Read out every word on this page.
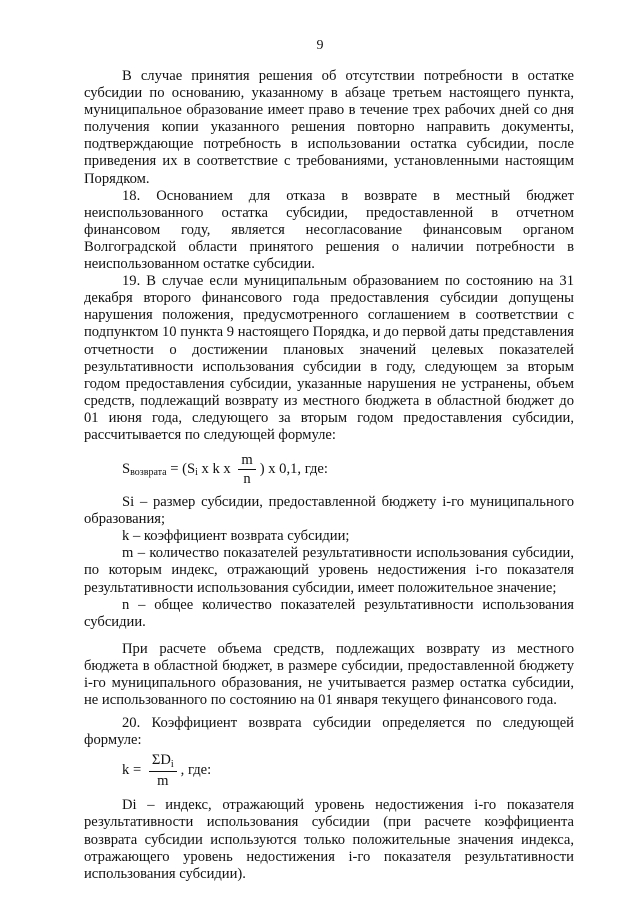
9

В случае принятия решения об отсутствии потребности в остатке субсидии по основанию, указанному в абзаце третьем настоящего пункта, муниципальное образование имеет право в течение трех рабочих дней со дня получения копии указанного решения повторно направить документы, подтверждающие потребность в использовании остатка субсидии, после приведения их в соответствие с требованиями, установленными настоящим Порядком.

18. Основанием для отказа в возврате в местный бюджет неиспользованного остатка субсидии, предоставленной в отчетном финансовом году, является несогласование финансовым органом Волгоградской области принятого решения о наличии потребности в неиспользованном остатке субсидии.

19. В случае если муниципальным образованием по состоянию на 31 декабря второго финансового года предоставления субсидии допущены нарушения положения, предусмотренного соглашением в соответствии с подпунктом 10 пункта 9 настоящего Порядка, и до первой даты представления отчетности о достижении плановых значений целевых показателей результативности использования субсидии в году, следующем за вторым годом предоставления субсидии, указанные нарушения не устранены, объем средств, подлежащий возврату из местного бюджета в областной бюджет до 01 июня года, следующего за вторым годом предоставления субсидии, рассчитывается по следующей формуле:

S возврата = (S i x k x $\frac{m}{n}$ ) x 0,1, где:

Si – размер субсидии, предоставленной бюджету i-го муниципального образования;

k – коэффициент возврата субсидии;

m – количество показателей результативности использования субсидии, по которым индекс, отражающий уровень недостижения i-го показателя результативности использования субсидии, имеет положительное значение;

n – общее количество показателей результативности использования субсидии.

При расчете объема средств, подлежащих возврату из местного бюджета в областной бюджет, в размере субсидии, предоставленной бюджету i-го муниципального образования, не учитывается размер остатка субсидии, не использованного по состоянию на 01 января текущего финансового года.

20. Коэффициент возврата субсидии определяется по следующей формуле:

$k = \frac{\Sigma D_i}{m}$ , где:

Di – индекс, отражающий уровень недостижения i-го показателя результативности использования субсидии (при расчете коэффициента возврата субсидии используются только положительные значения индекса, отражающего уровень недостижения i-го показателя результативности использования субсидии).
